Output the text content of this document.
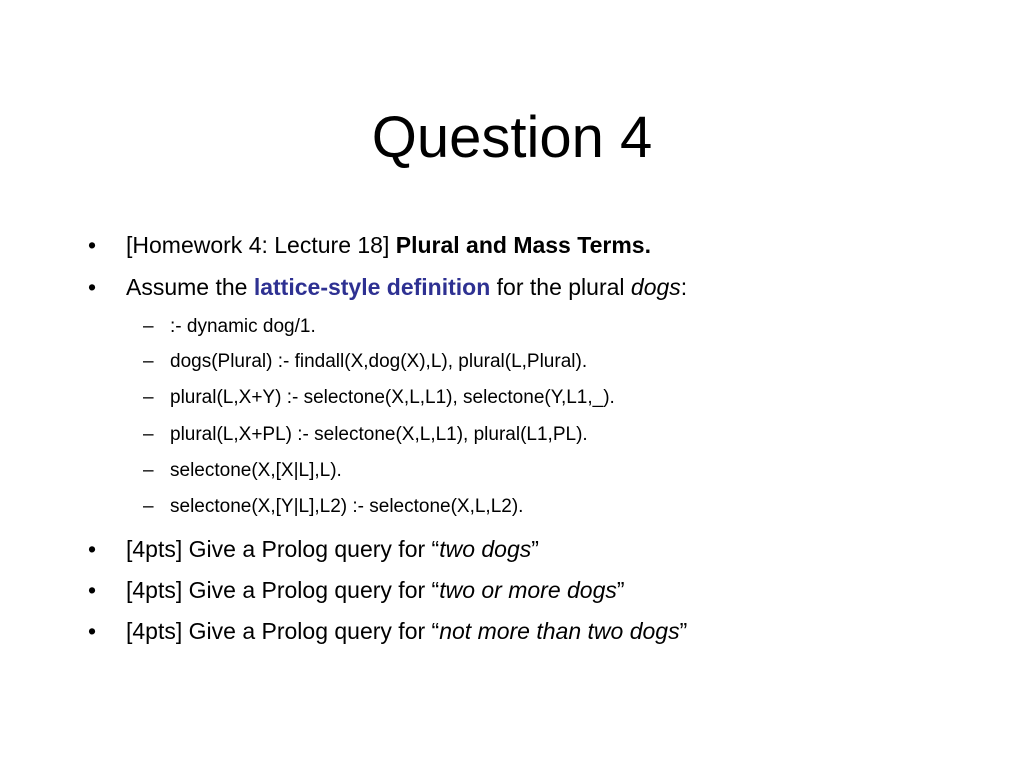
Question 4
• [Homework 4: Lecture 18] Plural and Mass Terms.
• Assume the lattice-style definition for the plural dogs:
– :- dynamic dog/1.
– dogs(Plural) :- findall(X,dog(X),L), plural(L,Plural).
– plural(L,X+Y) :- selectone(X,L,L1), selectone(Y,L1,_).
– plural(L,X+PL) :- selectone(X,L,L1), plural(L1,PL).
– selectone(X,[X|L],L).
– selectone(X,[Y|L],L2) :- selectone(X,L,L2).
• [4pts] Give a Prolog query for “two dogs”
• [4pts] Give a Prolog query for “two or more dogs”
• [4pts] Give a Prolog query for “not more than two dogs”
